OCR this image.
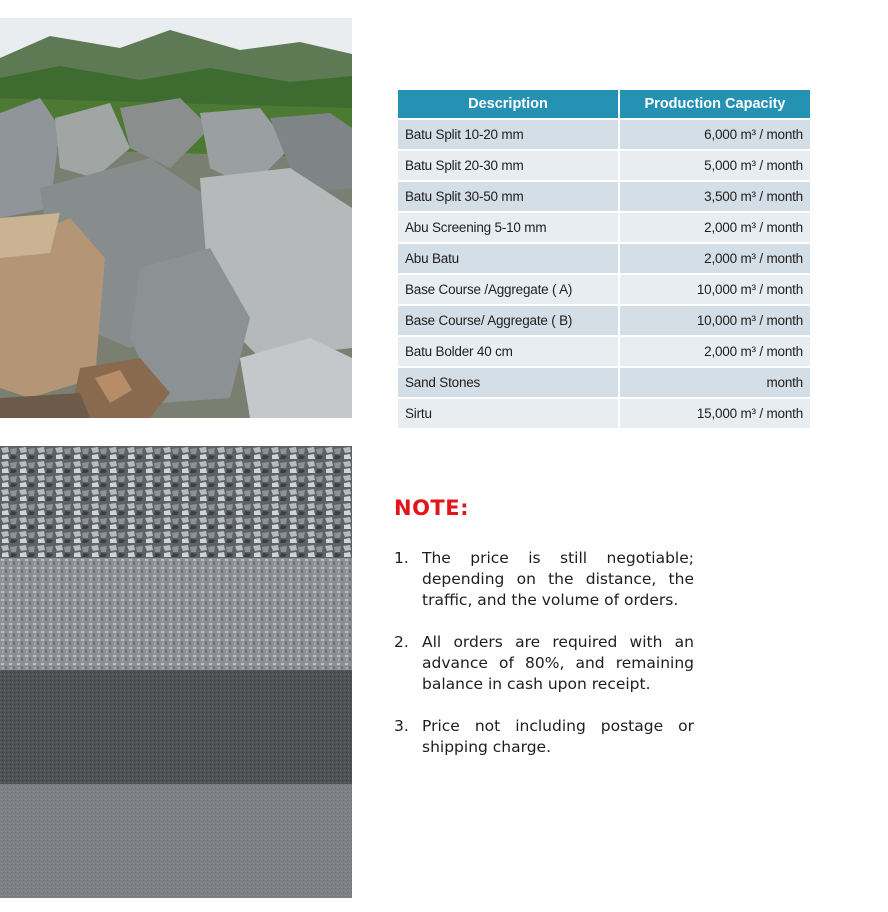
Description	Production Capacity
Batu Split 10-20 mm	6,000 m³ / month
Batu Split 20-30 mm	5,000 m³ / month
Batu Split 30-50 mm	3,500 m³ / month
Abu Screening 5-10 mm	2,000 m³ / month
Abu Batu	2,000 m³ / month
Base Course /Aggregate ( A)	10,000 m³ / month
Base Course/ Aggregate ( B)	10,000 m³ / month
Batu Bolder 40 cm	2,000 m³ / month
Sand Stones	month
Sirtu	15,000 m³ / month
NOTE:
1. The price is still negotiable; depending on the distance, the traffic, and the volume of orders.
2. All orders are required with an advance of 80%, and remaining balance in cash upon receipt.
3. Price not including postage or shipping charge.
